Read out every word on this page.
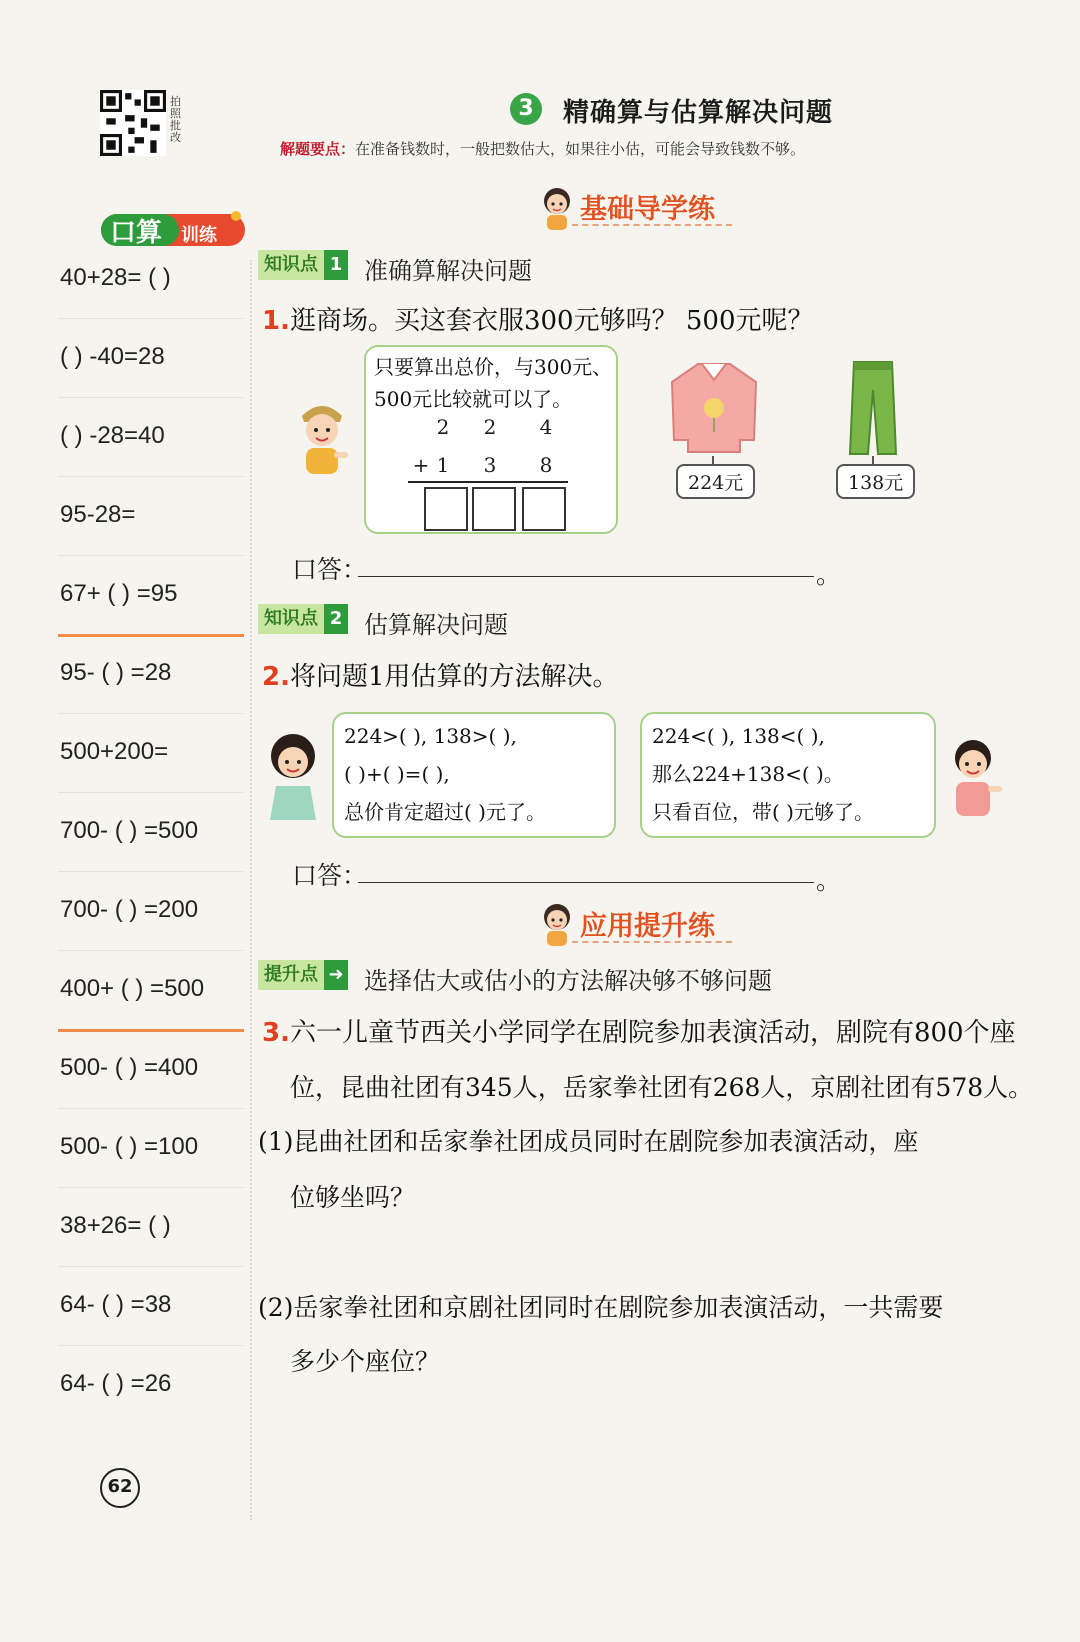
拍照批改
3	精确算与估算解决问题
解题要点：在准备钱数时，一般把数估大，如果往小估，可能会导致钱数不够。
口算 训练
40+28= ( )
( ) -40=28
( ) -28=40
95-28=
67+ ( ) =95
95- ( ) =28
500+200=
700- ( ) =500
700- ( ) =200
400+ ( ) =500
500- ( ) =400
500- ( ) =100
38+26= ( )
64- ( ) =38
64- ( ) =26
基础导学练
知识点 1 准确算解决问题
1.逛商场。买这套衣服300元够吗？ 500元呢？
只要算出总价，与300元、
500元比较就可以了。
2	2	4
+ 1	3	8
224元	138元
口答：	。
知识点 2 估算解决问题
2.将问题1用估算的方法解决。
224>( ), 138>( ),
( )+( )=( ),
总价肯定超过( )元了。
224<( ), 138<( ),
那么224+138<( )。
只看百位，带( )元够了。
口答：	。
应用提升练
提升点 ➜ 选择估大或估小的方法解决够不够问题
3.六一儿童节西关小学同学在剧院参加表演活动，剧院有800个座
位，昆曲社团有345人，岳家拳社团有268人，京剧社团有578人。
(1)昆曲社团和岳家拳社团成员同时在剧院参加表演活动，座
位够坐吗？
(2)岳家拳社团和京剧社团同时在剧院参加表演活动，一共需要
多少个座位？
62
